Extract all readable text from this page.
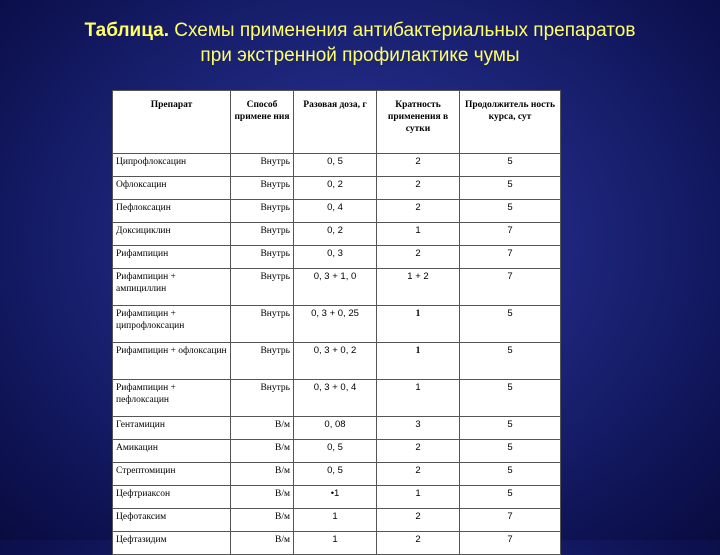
Таблица. Схемы применения антибактериальных препаратов
при экстренной профилактике чумы
Препарат	Способ примене ния	Разовая доза, г	Кратность применения в сутки	Продолжитель ность курса, сут
Ципрофлоксацин	Внутрь	0, 5	2	5
Офлоксацин	Внутрь	0, 2	2	5
Пефлоксацин	Внутрь	0, 4	2	5
Доксициклин	Внутрь	0, 2	1	7
Рифампицин	Внутрь	0, 3	2	7
Рифампицин + ампициллин	Внутрь	0, 3 + 1, 0	1 + 2	7
Рифампицин + ципрофлоксацин	Внутрь	0, 3 + 0, 25	1	5
Рифампицин + офлоксацин	Внутрь	0, 3 + 0, 2	1	5
Рифампицин + пефлоксацин	Внутрь	0, 3 + 0, 4	1	5
Гентамицин	В/м	0, 08	3	5
Амикацин	В/м	0, 5	2	5
Стрептомицин	В/м	0, 5	2	5
Цефтриаксон	В/м	•1	1	5
Цефотаксим	В/м	1	2	7
Цефтазидим	В/м	1	2	7
